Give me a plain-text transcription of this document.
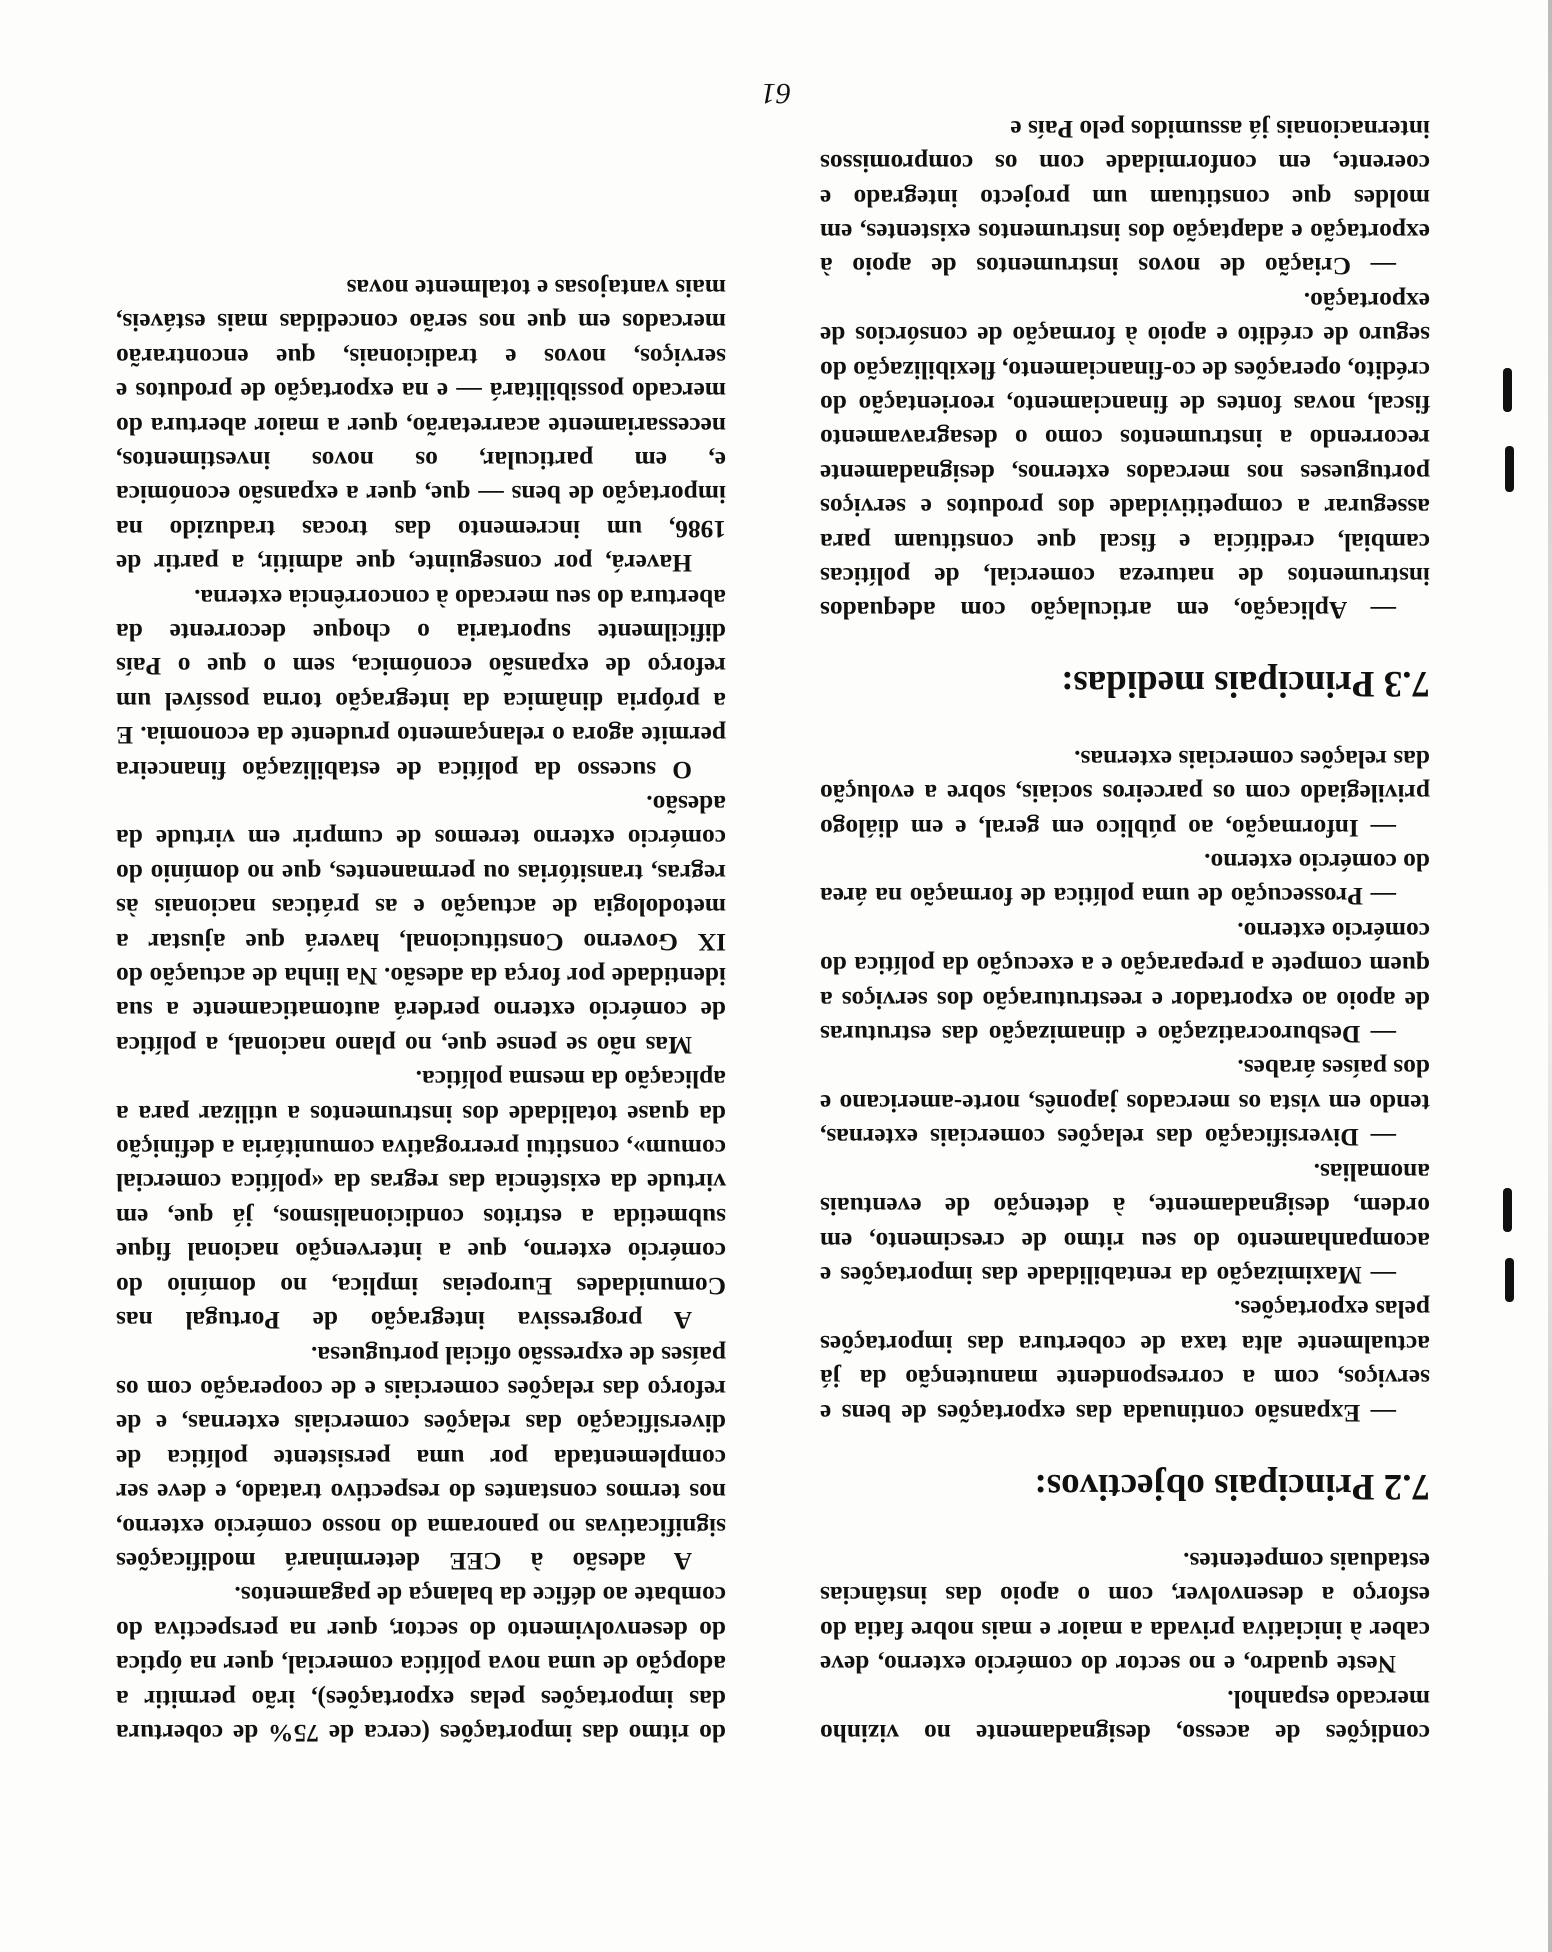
61

condições de acesso, designadamente no vizinho mercado espanhol.

Neste quadro, e no sector do comércio externo, deve caber à iniciativa privada a maior e mais nobre fatia do esforço a desenvolver, com o apoio das instâncias estaduais competentes.

7.2 Principais objectivos:

— Expansão continuada das exportações de bens e serviços, com a correspondente manutenção da já actualmente alta taxa de cobertura das importações pelas exportações.

— Maximização da rentabilidade das importações e acompanhamento do seu ritmo de crescimento, em ordem, designadamente, à detenção de eventuais anomalias.

— Diversificação das relações comerciais externas, tendo em vista os mercados japonês, norte-americano e dos países árabes.

— Desburocratização e dinamização das estruturas de apoio ao exportador e reestruturação dos serviços a quem compete a preparação e a execução da política do comércio externo.

— Prossecução de uma política de formação na área do comércio externo.

— Informação, ao público em geral, e em diálogo privilegiado com os parceiros sociais, sobre a evolução das relações comerciais externas.

7.3 Principais medidas:

— Aplicação, em articulação com adequados instrumentos de natureza comercial, de políticas cambial, creditícia e fiscal que constituam para assegurar a competitividade dos produtos e serviços portugueses nos mercados externos, designadamente recorrendo a instrumentos como o desagravamento fiscal, novas fontes de financiamento, reorientação do crédito, operações de co-financiamento, flexibilização do seguro de crédito e apoio à formação de consórcios de exportação.

— Criação de novos instrumentos de apoio à exportação e adaptação dos instrumentos existentes, em moldes que constituam um projecto integrado e coerente, em conformidade com os compromissos internacionais já assumidos pelo País e

do ritmo das importações (cerca de 75% de cobertura das importações pelas exportações), irão permitir a adopção de uma nova política comercial, quer na óptica do desenvolvimento do sector, quer na perspectiva do combate ao défice da balança de pagamentos.

A adesão à CEE determinará modificações significativas no panorama do nosso comércio externo, nos termos constantes do respectivo tratado, e deve ser complementada por uma persistente política de diversificação das relações comerciais externas, e de reforço das relações comerciais e de cooperação com os países de expressão oficial portuguesa.

A progressiva integração de Portugal nas Comunidades Europeias implica, no domínio do comércio externo, que a intervenção nacional fique submetida a estritos condicionalismos, já que, em virtude da existência das regras da «política comercial comum», constitui prerrogativa comunitária a definição da quase totalidade dos instrumentos a utilizar para a aplicação da mesma política.

Mas não se pense que, no plano nacional, a política de comércio externo perderá automaticamente a sua identidade por força da adesão. Na linha de actuação do IX Governo Constitucional, haverá que ajustar a metodologia de actuação e as práticas nacionais às regras, transitórias ou permanentes, que no domínio do comércio externo teremos de cumprir em virtude da adesão.

O sucesso da política de estabilização financeira permite agora o relançamento prudente da economia. E a própria dinâmica da integração torna possível um reforço de expansão económica, sem o que o País dificilmente suportaria o choque decorrente da abertura do seu mercado à concorrência externa.

Haverá, por conseguinte, que admitir, a partir de 1986, um incremento das trocas traduzido na importação de bens — que, quer a expansão económica e, em particular, os novos investimentos, necessariamente acarretarão, quer a maior abertura do mercado possibilitará — e na exportação de produtos e serviços, novos e tradicionais, que encontrarão mercados em que nos serão concedidas mais estáveis, mais vantajosas e totalmente novas
